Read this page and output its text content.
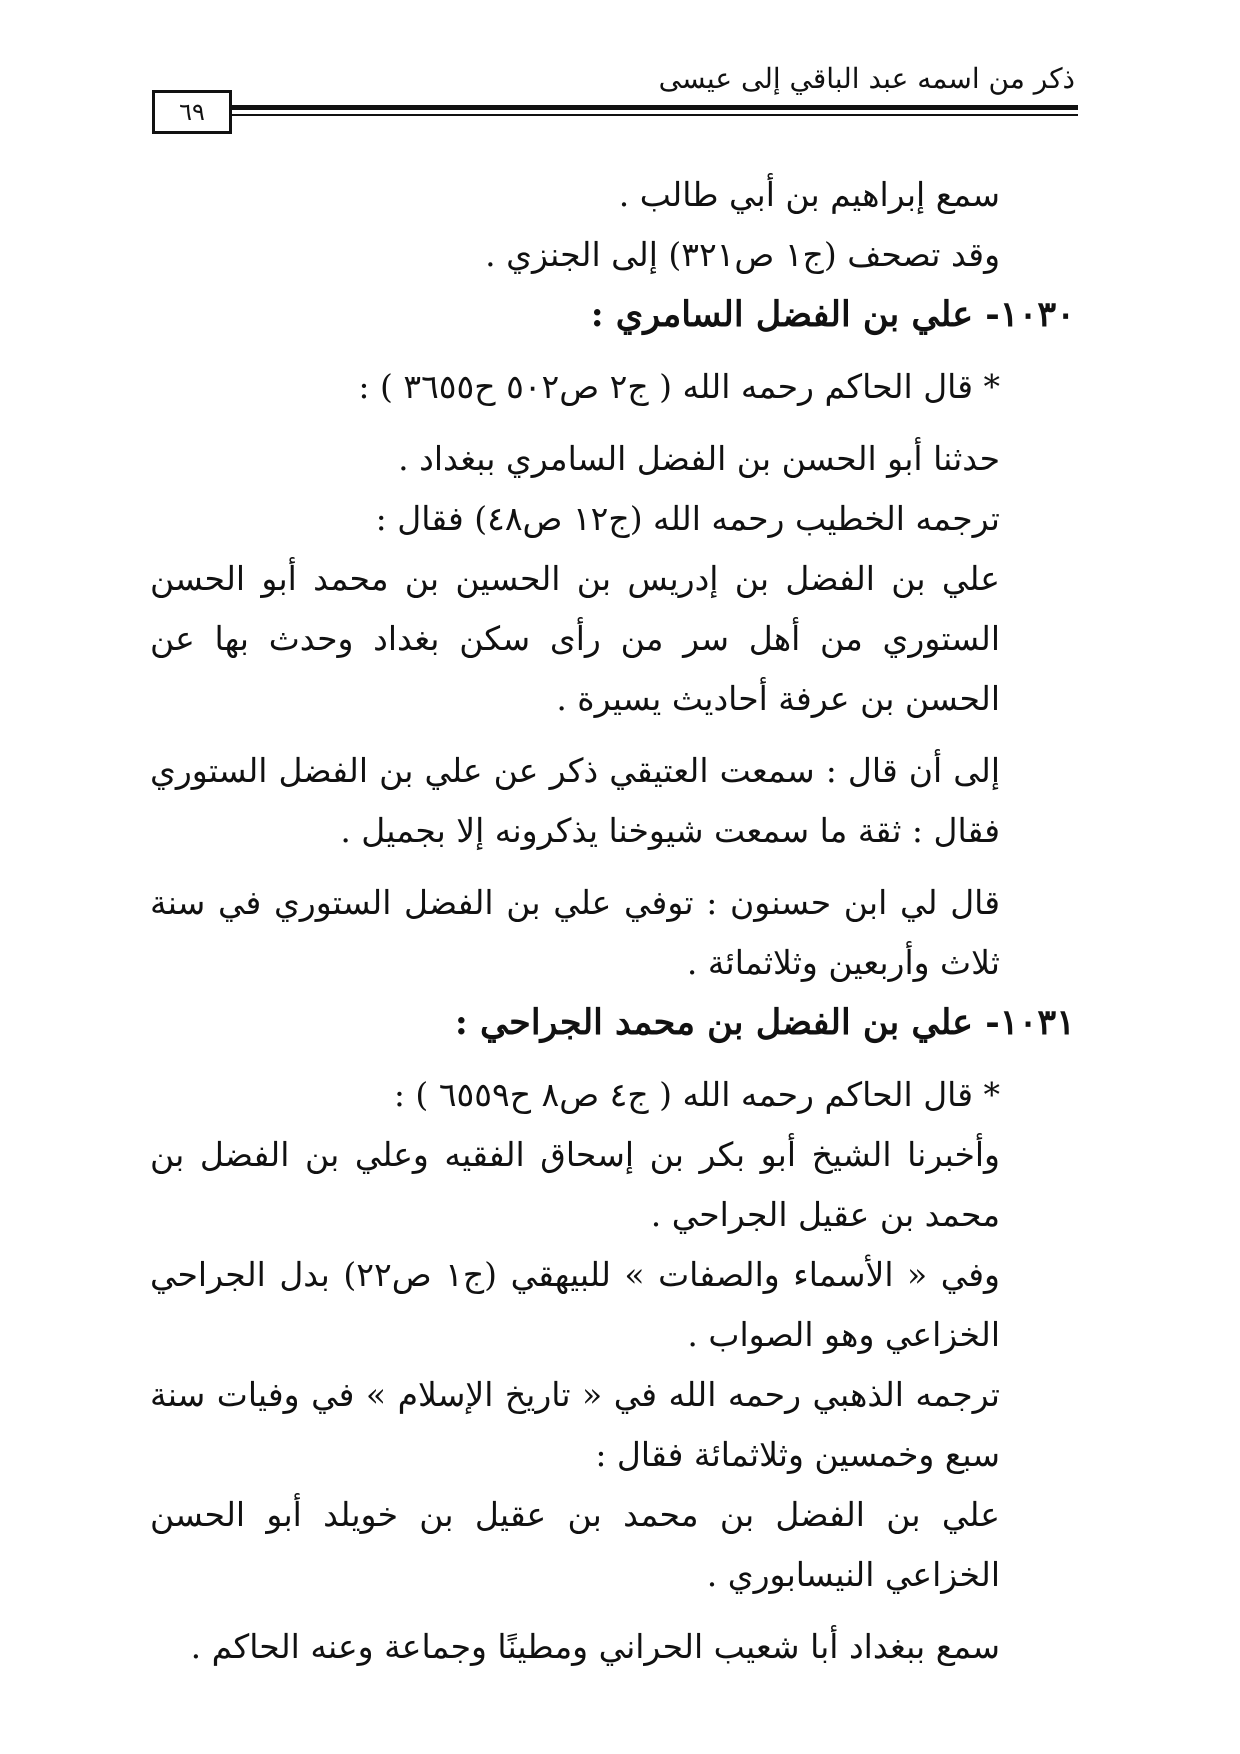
ذكر من اسمه عبد الباقي إلى عيسى
٦٩

سمع إبراهيم بن أبي طالب .

وقد تصحف (ج١ ص٣٢١) إلى الجنزي .

١٠٣٠- علي بن الفضل السامري :

* قال الحاكم رحمه الله ( ج٢ ص٥٠٢ ح٣٦٥٥ ) :

حدثنا أبو الحسن بن الفضل السامري ببغداد .

ترجمه الخطيب رحمه الله (ج١٢ ص٤٨) فقال :

علي بن الفضل بن إدريس بن الحسين بن محمد أبو الحسن الستوري من أهل سر من رأى سكن بغداد وحدث بها عن الحسن بن عرفة أحاديث يسيرة .

إلى أن قال : سمعت العتيقي ذكر عن علي بن الفضل الستوري فقال : ثقة ما سمعت شيوخنا يذكرونه إلا بجميل .

قال لي ابن حسنون : توفي علي بن الفضل الستوري في سنة ثلاث وأربعين وثلاثمائة .

١٠٣١- علي بن الفضل بن محمد الجراحي :

* قال الحاكم رحمه الله ( ج٤ ص٨ ح٦٥٥٩ ) :

وأخبرنا الشيخ أبو بكر بن إسحاق الفقيه وعلي بن الفضل بن محمد بن عقيل الجراحي .

وفي « الأسماء والصفات » للبيهقي (ج١ ص٢٢) بدل الجراحي الخزاعي وهو الصواب .

ترجمه الذهبي رحمه الله في « تاريخ الإسلام » في وفيات سنة سبع وخمسين وثلاثمائة فقال :

علي بن الفضل بن محمد بن عقيل بن خويلد أبو الحسن الخزاعي النيسابوري .

سمع ببغداد أبا شعيب الحراني ومطينًا وجماعة وعنه الحاكم .
